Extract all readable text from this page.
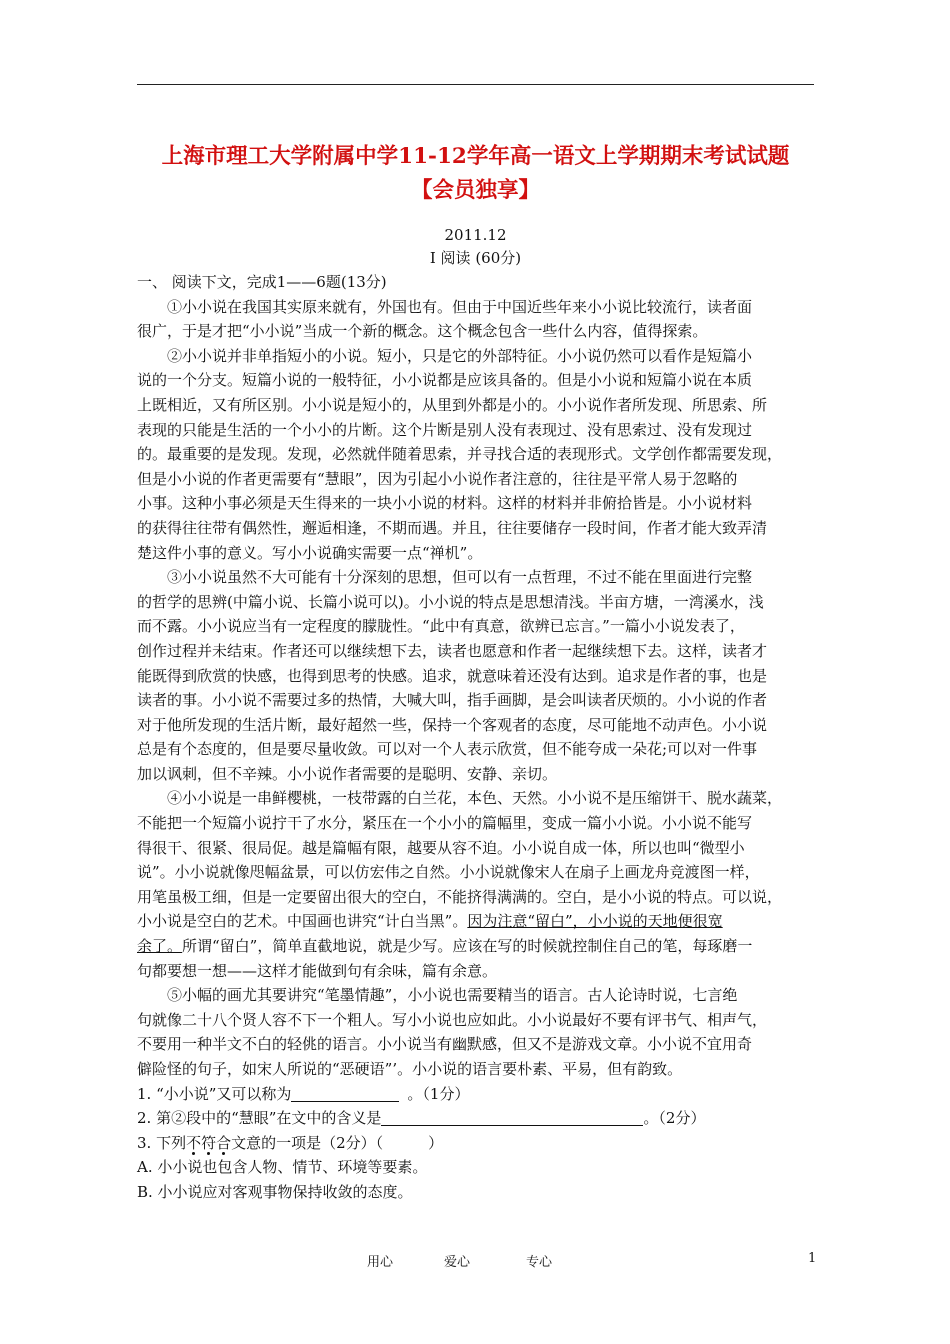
上海市理工大学附属中学11-12学年高一语文上学期期末考试试题
【会员独享】
2011.12
I 阅读 (60分)
一、 阅读下文，完成1——6题(13分)
①小小说在我国其实原来就有，外国也有。但由于中国近些年来小小说比较流行，读者面
很广，于是才把“小小说”当成一个新的概念。这个概念包含一些什么内容，值得探索。
②小小说并非单指短小的小说。短小，只是它的外部特征。小小说仍然可以看作是短篇小
说的一个分支。短篇小说的一般特征，小小说都是应该具备的。但是小小说和短篇小说在本质
上既相近，又有所区别。小小说是短小的，从里到外都是小的。小小说作者所发现、所思索、所
表现的只能是生活的一个小小的片断。这个片断是别人没有表现过、没有思索过、没有发现过
的。最重要的是发现。发现，必然就伴随着思索，并寻找合适的表现形式。文学创作都需要发现，
但是小小说的作者更需要有“慧眼”，因为引起小小说作者注意的，往往是平常人易于忽略的
小事。这种小事必须是天生得来的一块小小说的材料。这样的材料并非俯拾皆是。小小说材料
的获得往往带有偶然性，邂逅相逢，不期而遇。并且，往往要储存一段时间，作者才能大致弄清
楚这件小事的意义。写小小说确实需要一点“禅机”。
③小小说虽然不大可能有十分深刻的思想，但可以有一点哲理，不过不能在里面进行完整
的哲学的思辨(中篇小说、长篇小说可以)。小小说的特点是思想清浅。半亩方塘，一湾溪水，浅
而不露。小小说应当有一定程度的朦胧性。“此中有真意，欲辨已忘言。”一篇小小说发表了，
创作过程并未结束。作者还可以继续想下去，读者也愿意和作者一起继续想下去。这样，读者才
能既得到欣赏的快感，也得到思考的快感。追求，就意味着还没有达到。追求是作者的事，也是
读者的事。小小说不需要过多的热情，大喊大叫，指手画脚，是会叫读者厌烦的。小小说的作者
对于他所发现的生活片断，最好超然一些，保持一个客观者的态度，尽可能地不动声色。小小说
总是有个态度的，但是要尽量收敛。可以对一个人表示欣赏，但不能夸成一朵花;可以对一件事
加以讽刺，但不辛辣。小小说作者需要的是聪明、安静、亲切。
④小小说是一串鲜樱桃，一枝带露的白兰花，本色、天然。小小说不是压缩饼干、脱水蔬菜，
不能把一个短篇小说拧干了水分，紧压在一个小小的篇幅里，变成一篇小小说。小小说不能写
得很干、很紧、很局促。越是篇幅有限，越要从容不迫。小小说自成一体，所以也叫“微型小
说”。小小说就像咫幅盆景，可以仿宏伟之自然。小小说就像宋人在扇子上画龙舟竞渡图一样，
用笔虽极工细，但是一定要留出很大的空白，不能挤得满满的。空白，是小小说的特点。可以说，
小小说是空白的艺术。中国画也讲究“计白当黑”。因为注意“留白”，小小说的天地便很宽
余了。所谓“留白”，简单直截地说，就是少写。应该在写的时候就控制住自己的笔，每琢磨一
句都要想一想——这样才能做到句有余味，篇有余意。
⑤小幅的画尤其要讲究“笔墨情趣”，小小说也需要精当的语言。古人论诗时说，七言绝
句就像二十八个贤人容不下一个粗人。写小小说也应如此。小小说最好不要有评书气、相声气，
不要用一种半文不白的轻佻的语言。小小说当有幽默感，但又不是游戏文章。小小说不宜用奇
僻险怪的句子，如宋人所说的“恶硬语”’。小小说的语言要朴素、平易，但有韵致。
1. “小小说”又可以称为	。（1分）
2. 第②段中的“慧眼”在文中的含义是	。（2分）
3. 下列不符合文意的一项是（2分）（　　　）
A. 小小说也包含人物、情节、环境等要素。
B. 小小说应对客观事物保持收敛的态度。
用心	爱心	专心	1
